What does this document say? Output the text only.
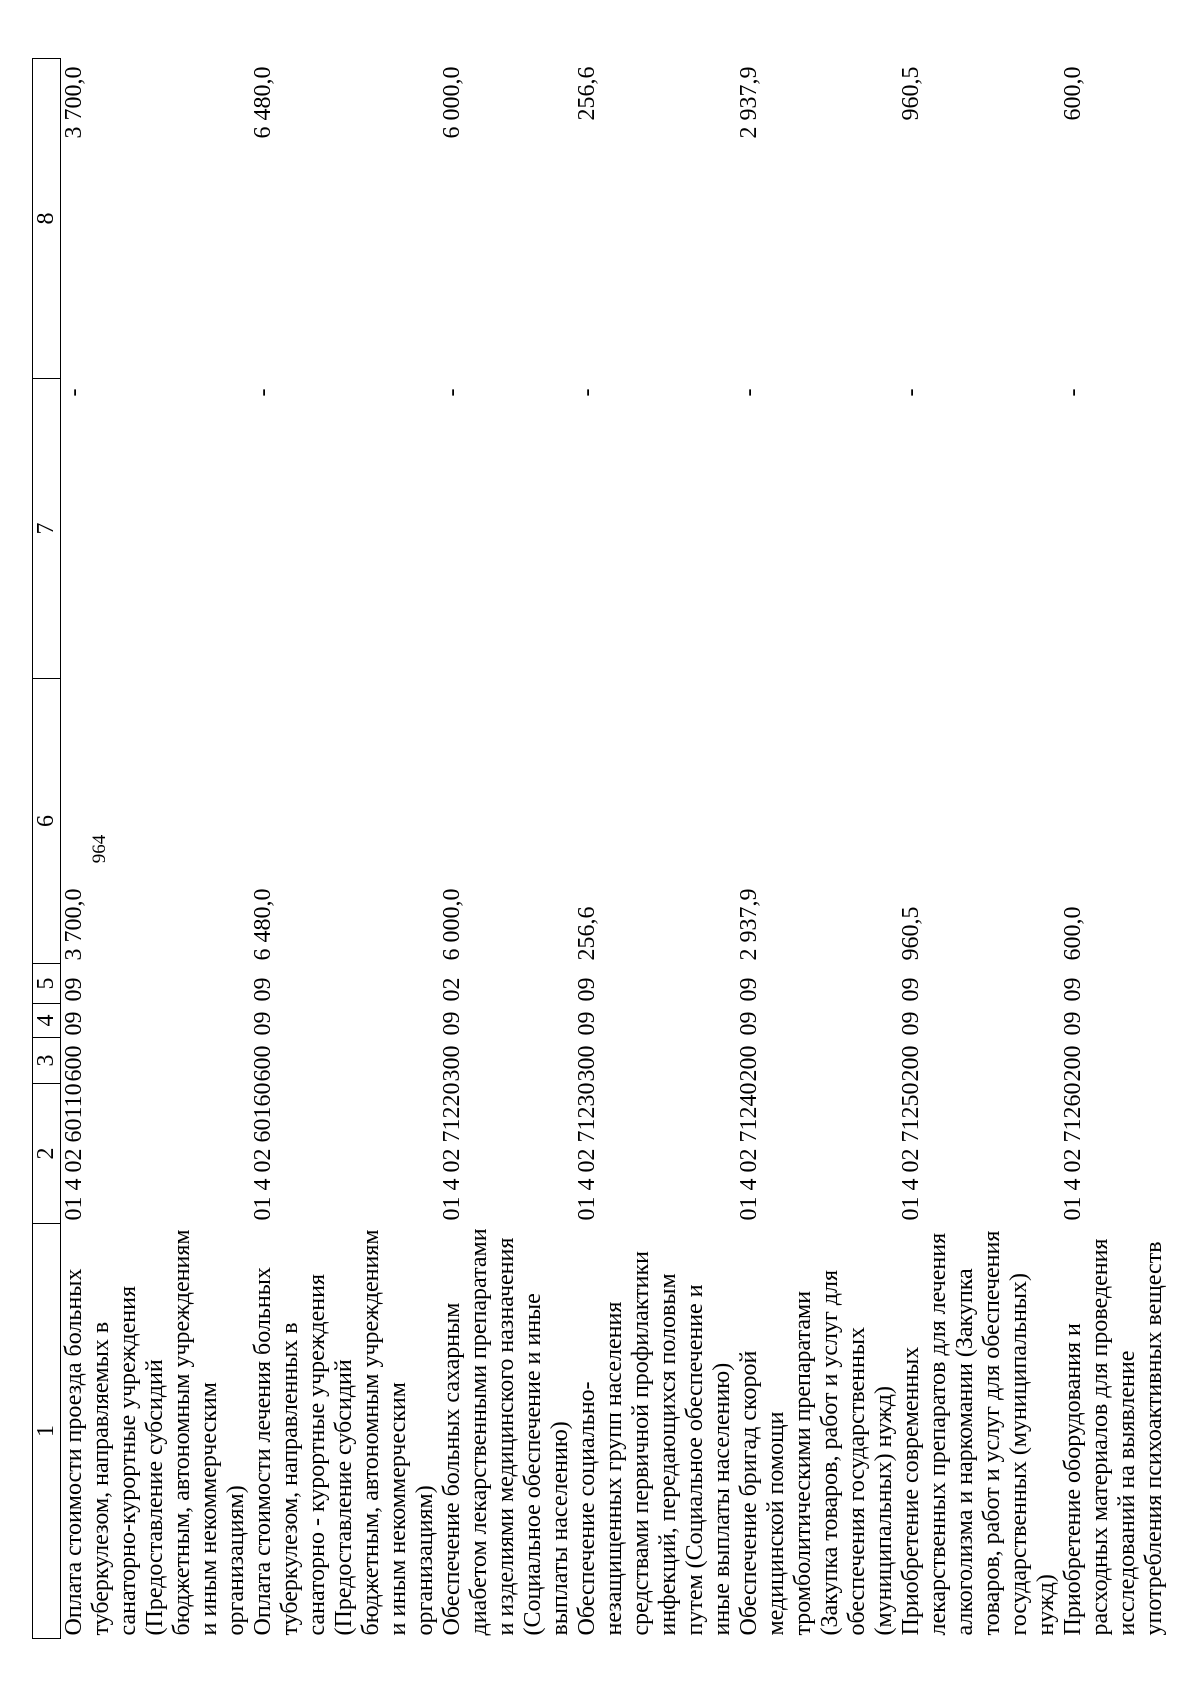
964
1	2	3	4	5	6	7	8
Оплата стоимости проезда больных туберкулезом, направляемых в санаторно-курортные учреждения (Предоставление субсидий бюджетным, автономным учреждениям и иным некоммерческим организациям)	01 4 02 60110	600	09	09	3 700,0	-	3 700,0
Оплата стоимости лечения больных туберкулезом, направленных в санаторно - курортные учреждения (Предоставление субсидий бюджетным, автономным учреждениям и иным некоммерческим организациям)	01 4 02 60160	600	09	09	6 480,0	-	6 480,0
Обеспечение больных сахарным диабетом лекарственными препаратами и изделиями медицинского назначения (Социальное обеспечение и иные выплаты населению)	01 4 02 71220	300	09	02	6 000,0	-	6 000,0
Обеспечение социально-незащищенных групп населения средствами первичной профилактики инфекций, передающихся половым путем (Социальное обеспечение и иные выплаты населению)	01 4 02 71230	300	09	09	256,6	-	256,6
Обеспечение бригад скорой медицинской помощи тромболитическими препаратами (Закупка товаров, работ и услуг для обеспечения государственных (муниципальных) нужд)	01 4 02 71240	200	09	09	2 937,9	-	2 937,9
Приобретение современных лекарственных препаратов для лечения алкоголизма и наркомании (Закупка товаров, работ и услуг для обеспечения государственных (муниципальных) нужд)	01 4 02 71250	200	09	09	960,5	-	960,5
Приобретение оборудования и расходных материалов для проведения исследований на выявление употребления психоактивных веществ	01 4 02 71260	200	09	09	600,0	-	600,0
